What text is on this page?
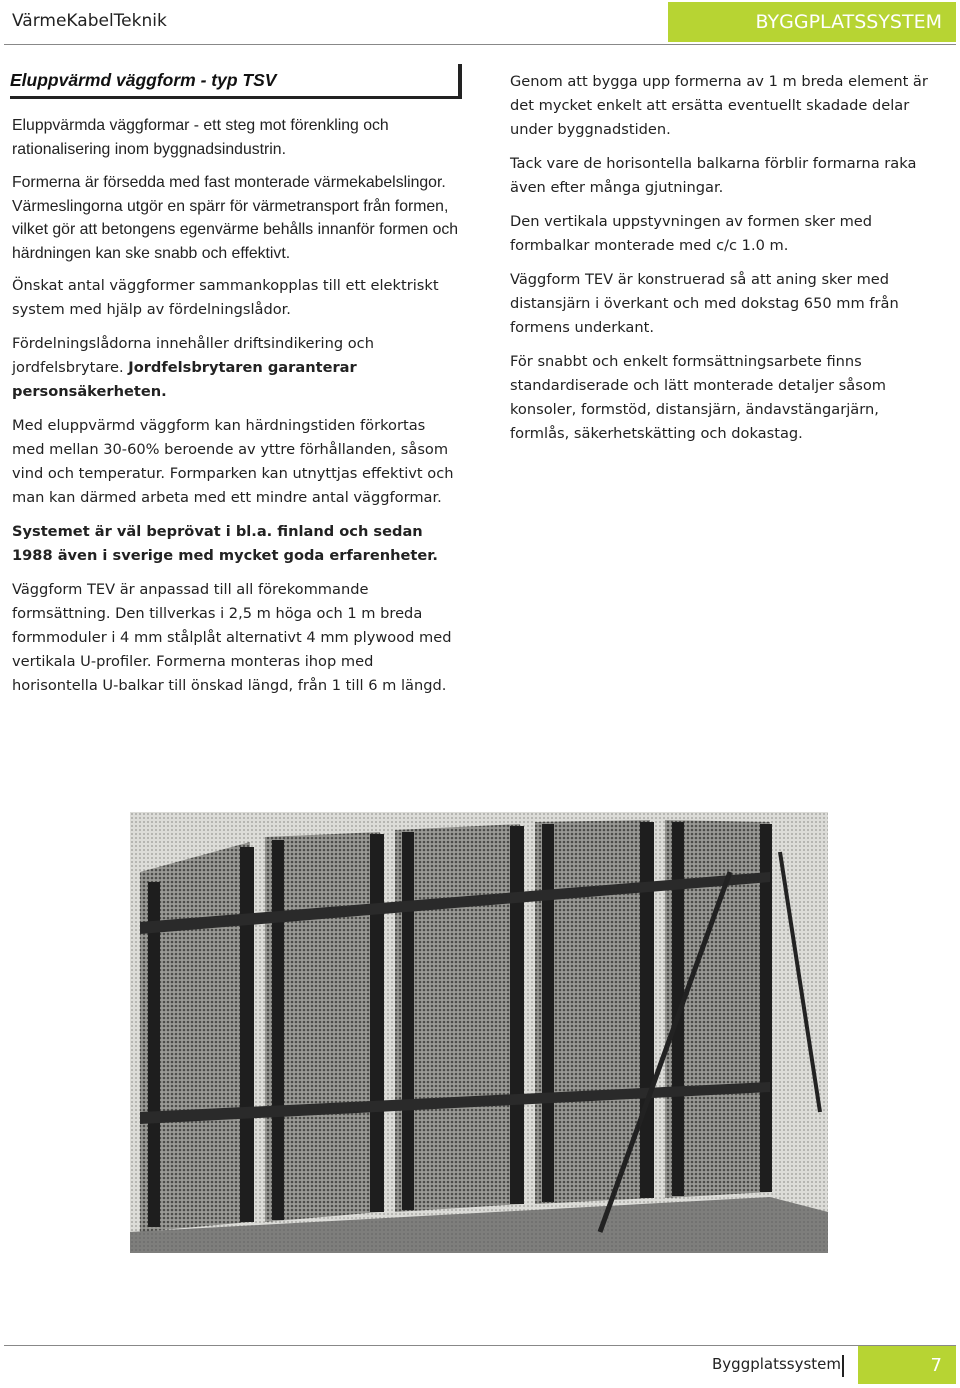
VärmeKabelTeknik	BYGGPLATSSYSTEM
Eluppvärmd väggform - typ TSV

Eluppvärmda väggformar - ett steg mot förenkling och rationalisering inom byggnadsindustrin.

Formerna är försedda med fast monterade värmekabelslingor. Värmeslingorna utgör en spärr för värmetransport från formen, vilket gör att betongens egenvärme behålls innanför formen och härdningen kan ske snabb och effektivt.

Önskat antal väggformer sammankopplas till ett elektriskt system med hjälp av fördelningslådor.

Fördelningslådorna innehåller driftsindikering och jordfelsbrytare. Jordfelsbrytaren garanterar personsäkerheten.

Med eluppvärmd väggform kan härdningstiden förkortas med mellan 30-60% beroende av yttre förhållanden, såsom vind och temperatur. Formparken kan utnyttjas effektivt och man kan därmed arbeta med ett mindre antal väggformar.

Systemet är väl beprövat i bl.a. finland och sedan 1988 även i sverige med mycket goda erfarenheter.

Väggform TEV är anpassad till all förekommande formsättning. Den tillverkas i 2,5 m höga och 1 m breda formmoduler i 4 mm stålplåt alternativt 4 mm plywood med vertikala U-profiler. Formerna monteras ihop med horisontella U-balkar till önskad längd, från 1 till 6 m längd.

Genom att bygga upp formerna av 1 m breda element är det mycket enkelt att ersätta eventuellt skadade delar under byggnadstiden.

Tack vare de horisontella balkarna förblir formarna raka även efter många gjutningar.

Den vertikala uppstyvningen av formen sker med formbalkar monterade med c/c 1.0 m.

Väggform TEV är konstruerad så att aning sker med distansjärn i överkant och med dokstag 650 mm från formens underkant.

För snabbt och enkelt formsättningsarbete finns standardiserade och lätt monterade detaljer såsom konsoler, formstöd, distansjärn, ändavstängarjärn, formlås, säkerhetskätting och dokastag.

Byggplatssystem	7
